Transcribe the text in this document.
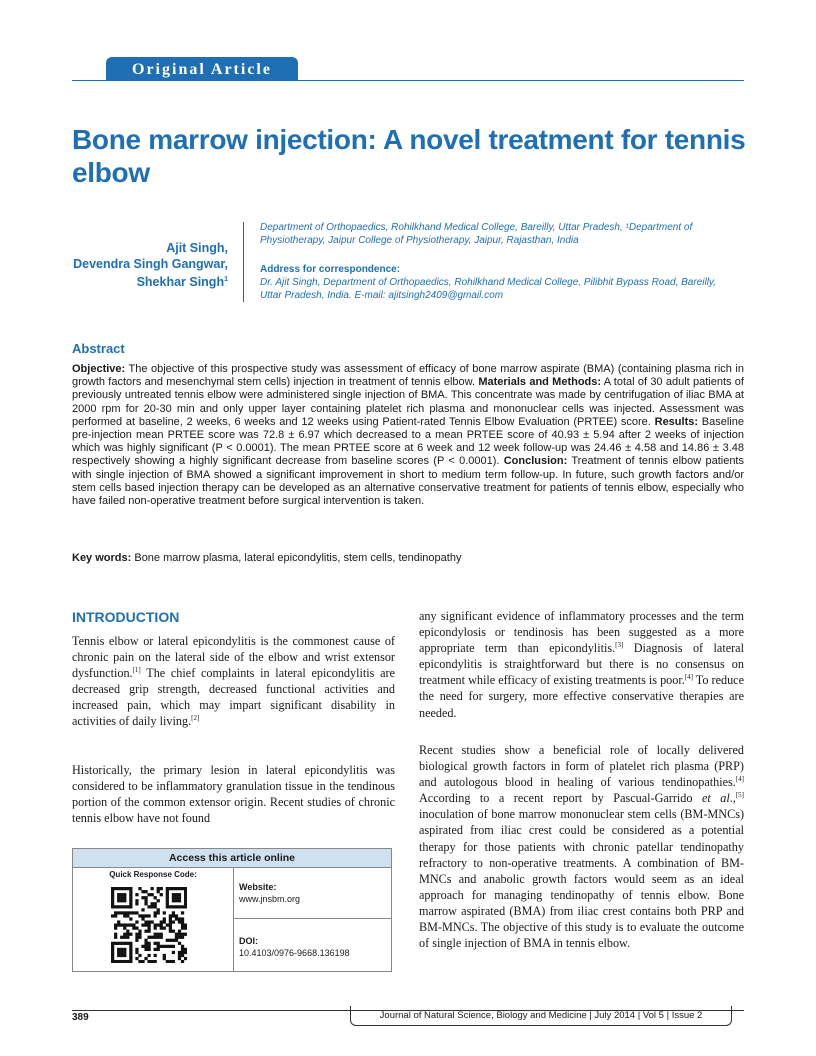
Original Article
Bone marrow injection: A novel treatment for tennis elbow

Ajit Singh,
Devendra Singh Gangwar,
Shekhar Singh$^1$

Department of Orthopaedics, Rohilkhand Medical College, Bareilly, Uttar Pradesh, ¹Department of Physiotherapy, Jaipur College of Physiotherapy, Jaipur, Rajasthan, India

Address for correspondence:

Dr. Ajit Singh, Department of Orthopaedics, Rohilkhand Medical College, Pilibhit Bypass Road, Bareilly, Uttar Pradesh, India. E-mail: ajitsingh2409@gmail.com

Abstract

Objective: The objective of this prospective study was assessment of efficacy of bone marrow aspirate (BMA) (containing plasma rich in growth factors and mesenchymal stem cells) injection in treatment of tennis elbow. Materials and Methods: A total of 30 adult patients of previously untreated tennis elbow were administered single injection of BMA. This concentrate was made by centrifugation of iliac BMA at 2000 rpm for 20-30 min and only upper layer containing platelet rich plasma and mononuclear cells was injected. Assessment was performed at baseline, 2 weeks, 6 weeks and 12 weeks using Patient-rated Tennis Elbow Evaluation (PRTEE) score. Results: Baseline pre-injection mean PRTEE score was 72.8 ± 6.97 which decreased to a mean PRTEE score of 40.93 ± 5.94 after 2 weeks of injection which was highly significant (P < 0.0001). The mean PRTEE score at 6 week and 12 week follow-up was 24.46 ± 4.58 and 14.86 ± 3.48 respectively showing a highly significant decrease from baseline scores (P < 0.0001). Conclusion: Treatment of tennis elbow patients with single injection of BMA showed a significant improvement in short to medium term follow-up. In future, such growth factors and/or stem cells based injection therapy can be developed as an alternative conservative treatment for patients of tennis elbow, especially who have failed non-operative treatment before surgical intervention is taken.

Key words: Bone marrow plasma, lateral epicondylitis, stem cells, tendinopathy

INTRODUCTION

Tennis elbow or lateral epicondylitis is the commonest cause of chronic pain on the lateral side of the elbow and wrist extensor dysfunction.[1] The chief complaints in lateral epicondylitis are decreased grip strength, decreased functional activities and increased pain, which may impart significant disability in activities of daily living.[2]

Historically, the primary lesion in lateral epicondylitis was considered to be inflammatory granulation tissue in the tendinous portion of the common extensor origin. Recent studies of chronic tennis elbow have not found

any significant evidence of inflammatory processes and the term epicondylosis or tendinosis has been suggested as a more appropriate term than epicondylitis.[3] Diagnosis of lateral epicondylitis is straightforward but there is no consensus on treatment while efficacy of existing treatments is poor.[4] To reduce the need for surgery, more effective conservative therapies are needed.

Recent studies show a beneficial role of locally delivered biological growth factors in form of platelet rich plasma (PRP) and autologous blood in healing of various tendinopathies.[4] According to a recent report by Pascual-Garrido et al.,[5] inoculation of bone marrow mononuclear stem cells (BM-MNCs) aspirated from iliac crest could be considered as a potential therapy for those patients with chronic patellar tendinopathy refractory to non-operative treatments. A combination of BM-MNCs and anabolic growth factors would seem as an ideal approach for managing tendinopathy of tennis elbow. Bone marrow aspirated (BMA) from iliac crest contains both PRP and BM-MNCs. The objective of this study is to evaluate the outcome of single injection of BMA in tennis elbow.

Access this article online
Quick Response Code:

Website:

www.jnsbm.org

DOI:

10.4103/0976-9668.136198

389	Journal of Natural Science, Biology and Medicine | July 2014 | Vol 5 | Issue 2
